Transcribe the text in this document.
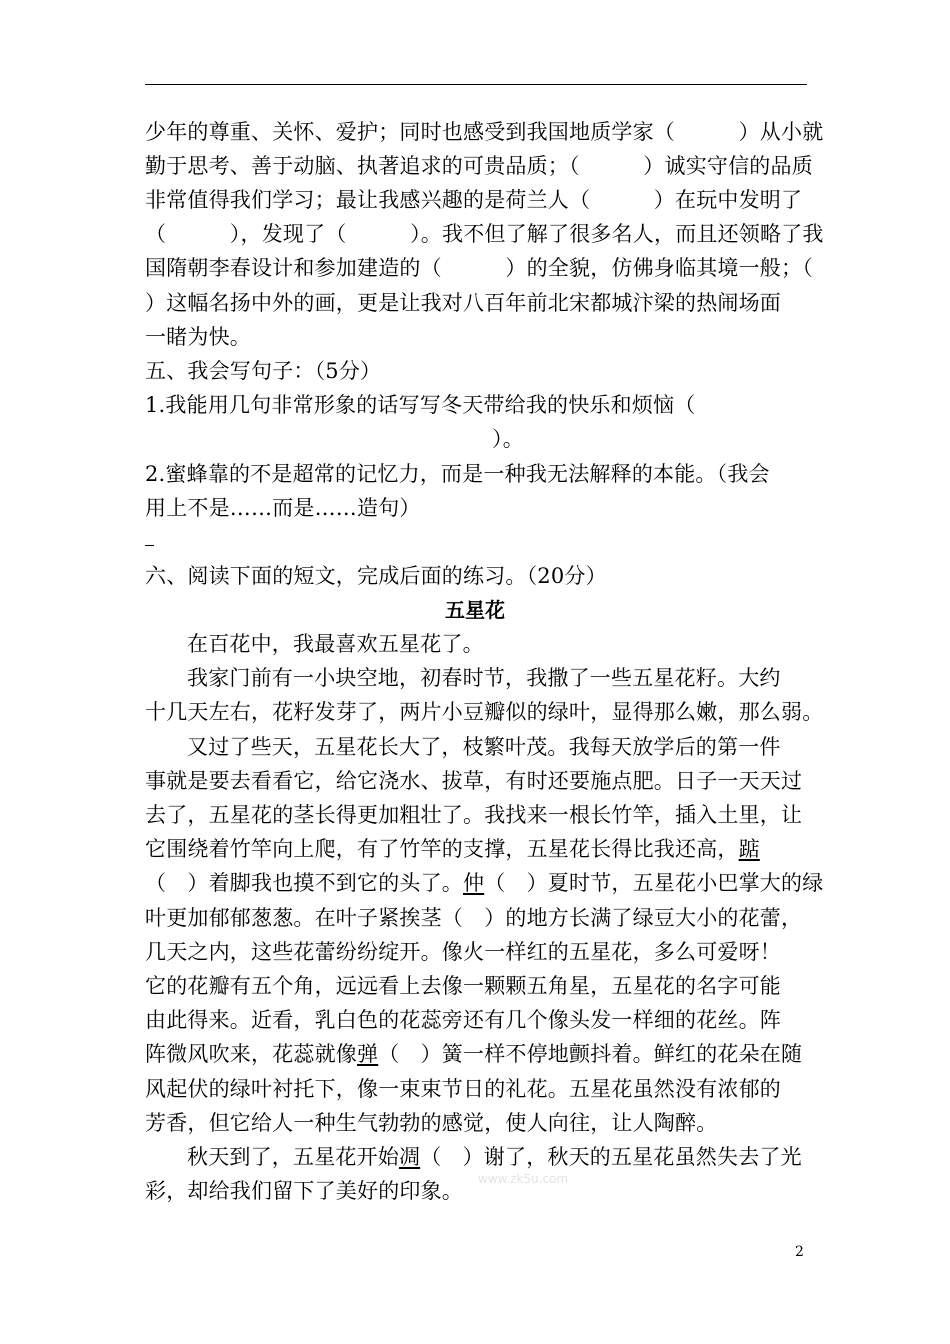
少年的尊重、关怀、爱护；同时也感受到我国地质学家（　　　）从小就
勤于思考、善于动脑、执著追求的可贵品质；（　　　）诚实守信的品质
非常值得我们学习；最让我感兴趣的是荷兰人（　　　）在玩中发明了
（　　　），发现了（　　　）。我不但了解了很多名人，而且还领略了我
国隋朝李春设计和参加建造的（　　　）的全貌，仿佛身临其境一般；（
）这幅名扬中外的画，更是让我对八百年前北宋都城汴梁的热闹场面
一睹为快。
五、我会写句子：（5分）
1.我能用几句非常形象的话写写冬天带给我的快乐和烦恼（
）。
2.蜜蜂靠的不是超常的记忆力，而是一种我无法解释的本能。（我会
用上不是……而是……造句）
六、阅读下面的短文，完成后面的练习。（20分）
五星花
在百花中，我最喜欢五星花了。
我家门前有一小块空地，初春时节，我撒了一些五星花籽。大约
十几天左右，花籽发芽了，两片小豆瓣似的绿叶，显得那么嫩，那么弱。
又过了些天，五星花长大了，枝繁叶茂。我每天放学后的第一件
事就是要去看看它，给它浇水、拔草，有时还要施点肥。日子一天天过
去了，五星花的茎长得更加粗壮了。我找来一根长竹竿，插入土里，让
它围绕着竹竿向上爬，有了竹竿的支撑，五星花长得比我还高，踮
（　）着脚我也摸不到它的头了。仲（　）夏时节，五星花小巴掌大的绿
叶更加郁郁葱葱。在叶子紧挨茎（　）的地方长满了绿豆大小的花蕾，
几天之内，这些花蕾纷纷绽开。像火一样红的五星花，多么可爱呀！
它的花瓣有五个角，远远看上去像一颗颗五角星，五星花的名字可能
由此得来。近看，乳白色的花蕊旁还有几个像头发一样细的花丝。阵
阵微风吹来，花蕊就像弹（　）簧一样不停地颤抖着。鲜红的花朵在随
风起伏的绿叶衬托下，像一束束节日的礼花。五星花虽然没有浓郁的
芳香，但它给人一种生气勃勃的感觉，使人向往，让人陶醉。
秋天到了，五星花开始凋（　）谢了，秋天的五星花虽然失去了光
彩，却给我们留下了美好的印象。 www.zk5u.com
2
